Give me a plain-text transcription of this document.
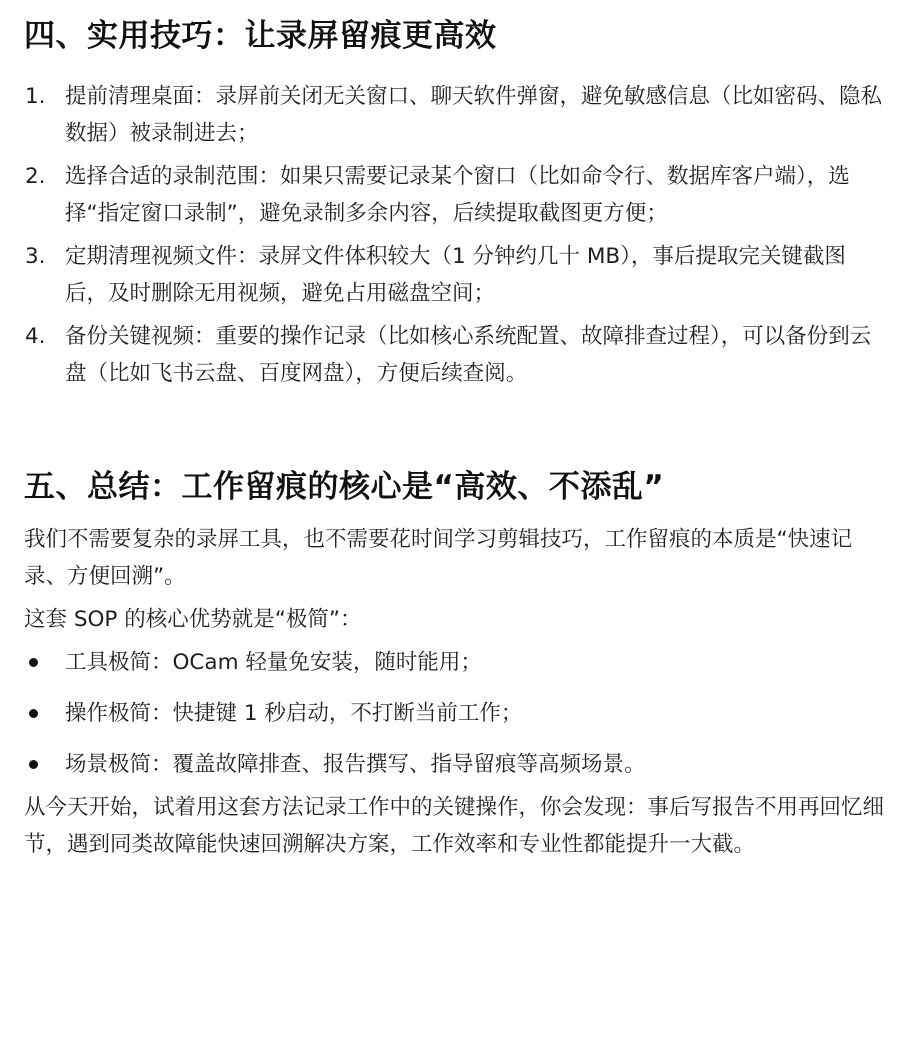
四、实用技巧：让录屏留痕更高效
1. 提前清理桌面：录屏前关闭无关窗口、聊天软件弹窗，避免敏感信息（比如密码、隐私数据）被录制进去；
2. 选择合适的录制范围：如果只需要记录某个窗口（比如命令行、数据库客户端），选择“指定窗口录制”，避免录制多余内容，后续提取截图更方便；
3. 定期清理视频文件：录屏文件体积较大（1 分钟约几十 MB），事后提取完关键截图后，及时删除无用视频，避免占用磁盘空间；
4. 备份关键视频：重要的操作记录（比如核心系统配置、故障排查过程），可以备份到云盘（比如飞书云盘、百度网盘），方便后续查阅。
五、总结：工作留痕的核心是“高效、不添乱”

我们不需要复杂的录屏工具，也不需要花时间学习剪辑技巧，工作留痕的本质是“快速记录、方便回溯”。

这套 SOP 的核心优势就是“极简”：

工具极简：OCam 轻量免安装，随时能用；
操作极简：快捷键 1 秒启动，不打断当前工作；
场景极简：覆盖故障排查、报告撰写、指导留痕等高频场景。

从今天开始，试着用这套方法记录工作中的关键操作，你会发现：事后写报告不用再回忆细节，遇到同类故障能快速回溯解决方案，工作效率和专业性都能提升一大截。
